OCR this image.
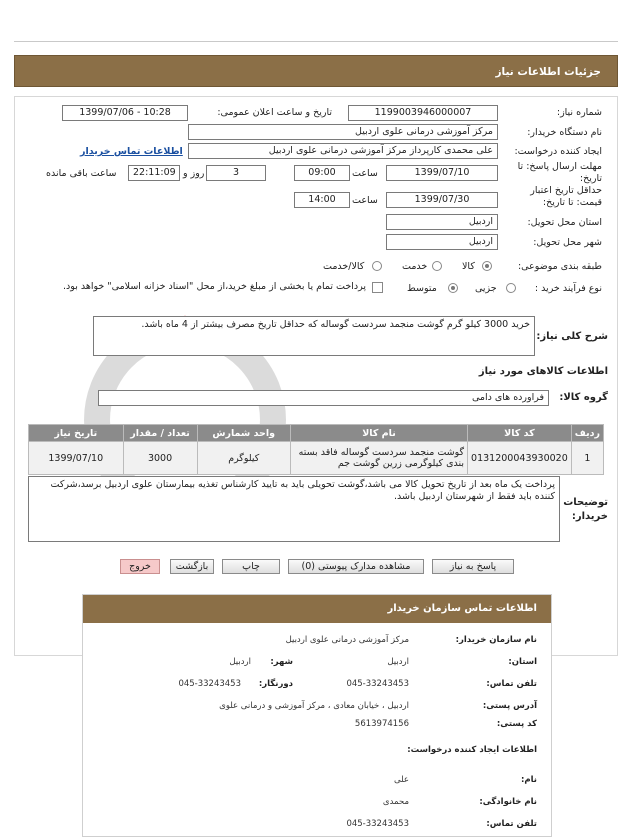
جزئیات اطلاعات نیاز
شماره نیاز:
1199003946000007
تاریخ و ساعت اعلان عمومی:
1399/07/06 - 10:28
نام دستگاه خریدار:
مرکز آموزشی درمانی علوی اردبیل
ایجاد کننده درخواست:
علی محمدی کارپرداز مرکز آموزشی درمانی علوی اردبیل
اطلاعات تماس خریدار
مهلت ارسال پاسخ: تا تاریخ:
1399/07/10
ساعت
09:00
3
روز و
22:11:09
ساعت باقی مانده
حداقل تاریخ اعتبار قیمت: تا تاریخ:
1399/07/30
ساعت
14:00
استان محل تحویل:
اردبیل
شهر محل تحویل:
اردبیل
طبقه بندی موضوعی:
کالا
خدمت
کالا/خدمت
نوع فرآیند خرید :
جزیی
متوسط
پرداخت تمام یا بخشی از مبلغ خرید،از محل "اسناد خزانه اسلامی" خواهد بود.
شرح کلی نیاز:
خرید 3000 کیلو گرم گوشت منجمد سردست گوساله که حداقل تاریخ مصرف بیشتر از 4 ماه باشد.
اطلاعات کالاهای مورد نیاز
گروه کالا:
فراورده های دامی
ردیف	کد کالا	نام کالا	واحد شمارش	تعداد / مقدار	تاریخ نیاز
1	0131200043930020	گوشت منجمد سردست گوساله فاقد بسته بندی کیلوگرمی زرین گوشت جم	کیلوگرم	3000	1399/07/10
توضیحات خریدار:
پرداخت یک ماه بعد از تاریخ تحویل کالا می باشد،گوشت تحویلی باید به تایید کارشناس تغذیه بیمارستان علوی اردبیل برسد،شرکت کننده باید فقط از شهرستان اردبیل باشد.
پاسخ به نیاز
مشاهده مدارک پیوستی (0)
چاپ
بازگشت
خروج
اطلاعات تماس سازمان خریدار
نام سازمان خریدار:
مرکز آموزشی درمانی علوی اردبیل
استان:
اردبیل
شهر:
اردبیل
تلفن تماس:
045-33243453
دورنگار:
045-33243453
آدرس پستی:
اردبیل ، خیابان معادی ، مرکز آموزشی و درمانی علوی
کد پستی:
5613974156
اطلاعات ایجاد کننده درخواست:
نام:
علی
نام خانوادگی:
محمدی
تلفن تماس:
045-33243453
